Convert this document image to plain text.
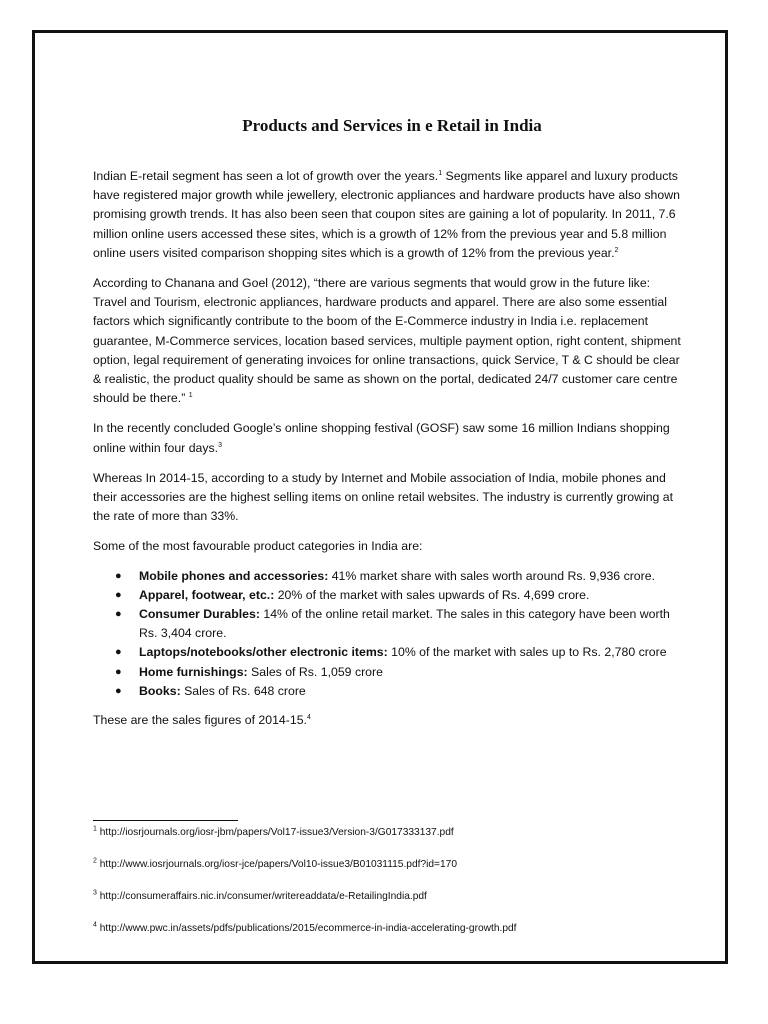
Products and Services in e Retail in India

Indian E-retail segment has seen a lot of growth over the years.$^1$ Segments like apparel and luxury products have registered major growth while jewellery, electronic appliances and hardware products have also shown promising growth trends. It has also been seen that coupon sites are gaining a lot of popularity. In 2011, 7.6 million online users accessed these sites, which is a growth of 12% from the previous year and 5.8 million online users visited comparison shopping sites which is a growth of 12% from the previous year.$^2$

According to Chanana and Goel (2012), “there are various segments that would grow in the future like: Travel and Tourism, electronic appliances, hardware products and apparel. There are also some essential factors which significantly contribute to the boom of the E-Commerce industry in India i.e. replacement guarantee, M-Commerce services, location based services, multiple payment option, right content, shipment option, legal requirement of generating invoices for online transactions, quick Service, T & C should be clear & realistic, the product quality should be same as shown on the portal, dedicated 24/7 customer care centre should be there.” $^1$

In the recently concluded Google’s online shopping festival (GOSF) saw some 16 million Indians shopping online within four days.$^3$

Whereas In 2014-15, according to a study by Internet and Mobile association of India, mobile phones and their accessories are the highest selling items on online retail websites. The industry is currently growing at the rate of more than 33%.

Some of the most favourable product categories in India are:

● Mobile phones and accessories: 41% market share with sales worth around Rs. 9,936 crore.
● Apparel, footwear, etc.: 20% of the market with sales upwards of Rs. 4,699 crore.
● Consumer Durables: 14% of the online retail market. The sales in this category have been worth Rs. 3,404 crore.
● Laptops/notebooks/other electronic items: 10% of the market with sales up to Rs. 2,780 crore
● Home furnishings: Sales of Rs. 1,059 crore
● Books: Sales of Rs. 648 crore

These are the sales figures of 2014-15.$^4$

$^1$ http://iosrjournals.org/iosr-jbm/papers/Vol17-issue3/Version-3/G017333137.pdf

$^2$ http://www.iosrjournals.org/iosr-jce/papers/Vol10-issue3/B01031115.pdf?id=170

$^3$ http://consumeraffairs.nic.in/consumer/writereaddata/e-RetailingIndia.pdf

$^4$ http://www.pwc.in/assets/pdfs/publications/2015/ecommerce-in-india-accelerating-growth.pdf
